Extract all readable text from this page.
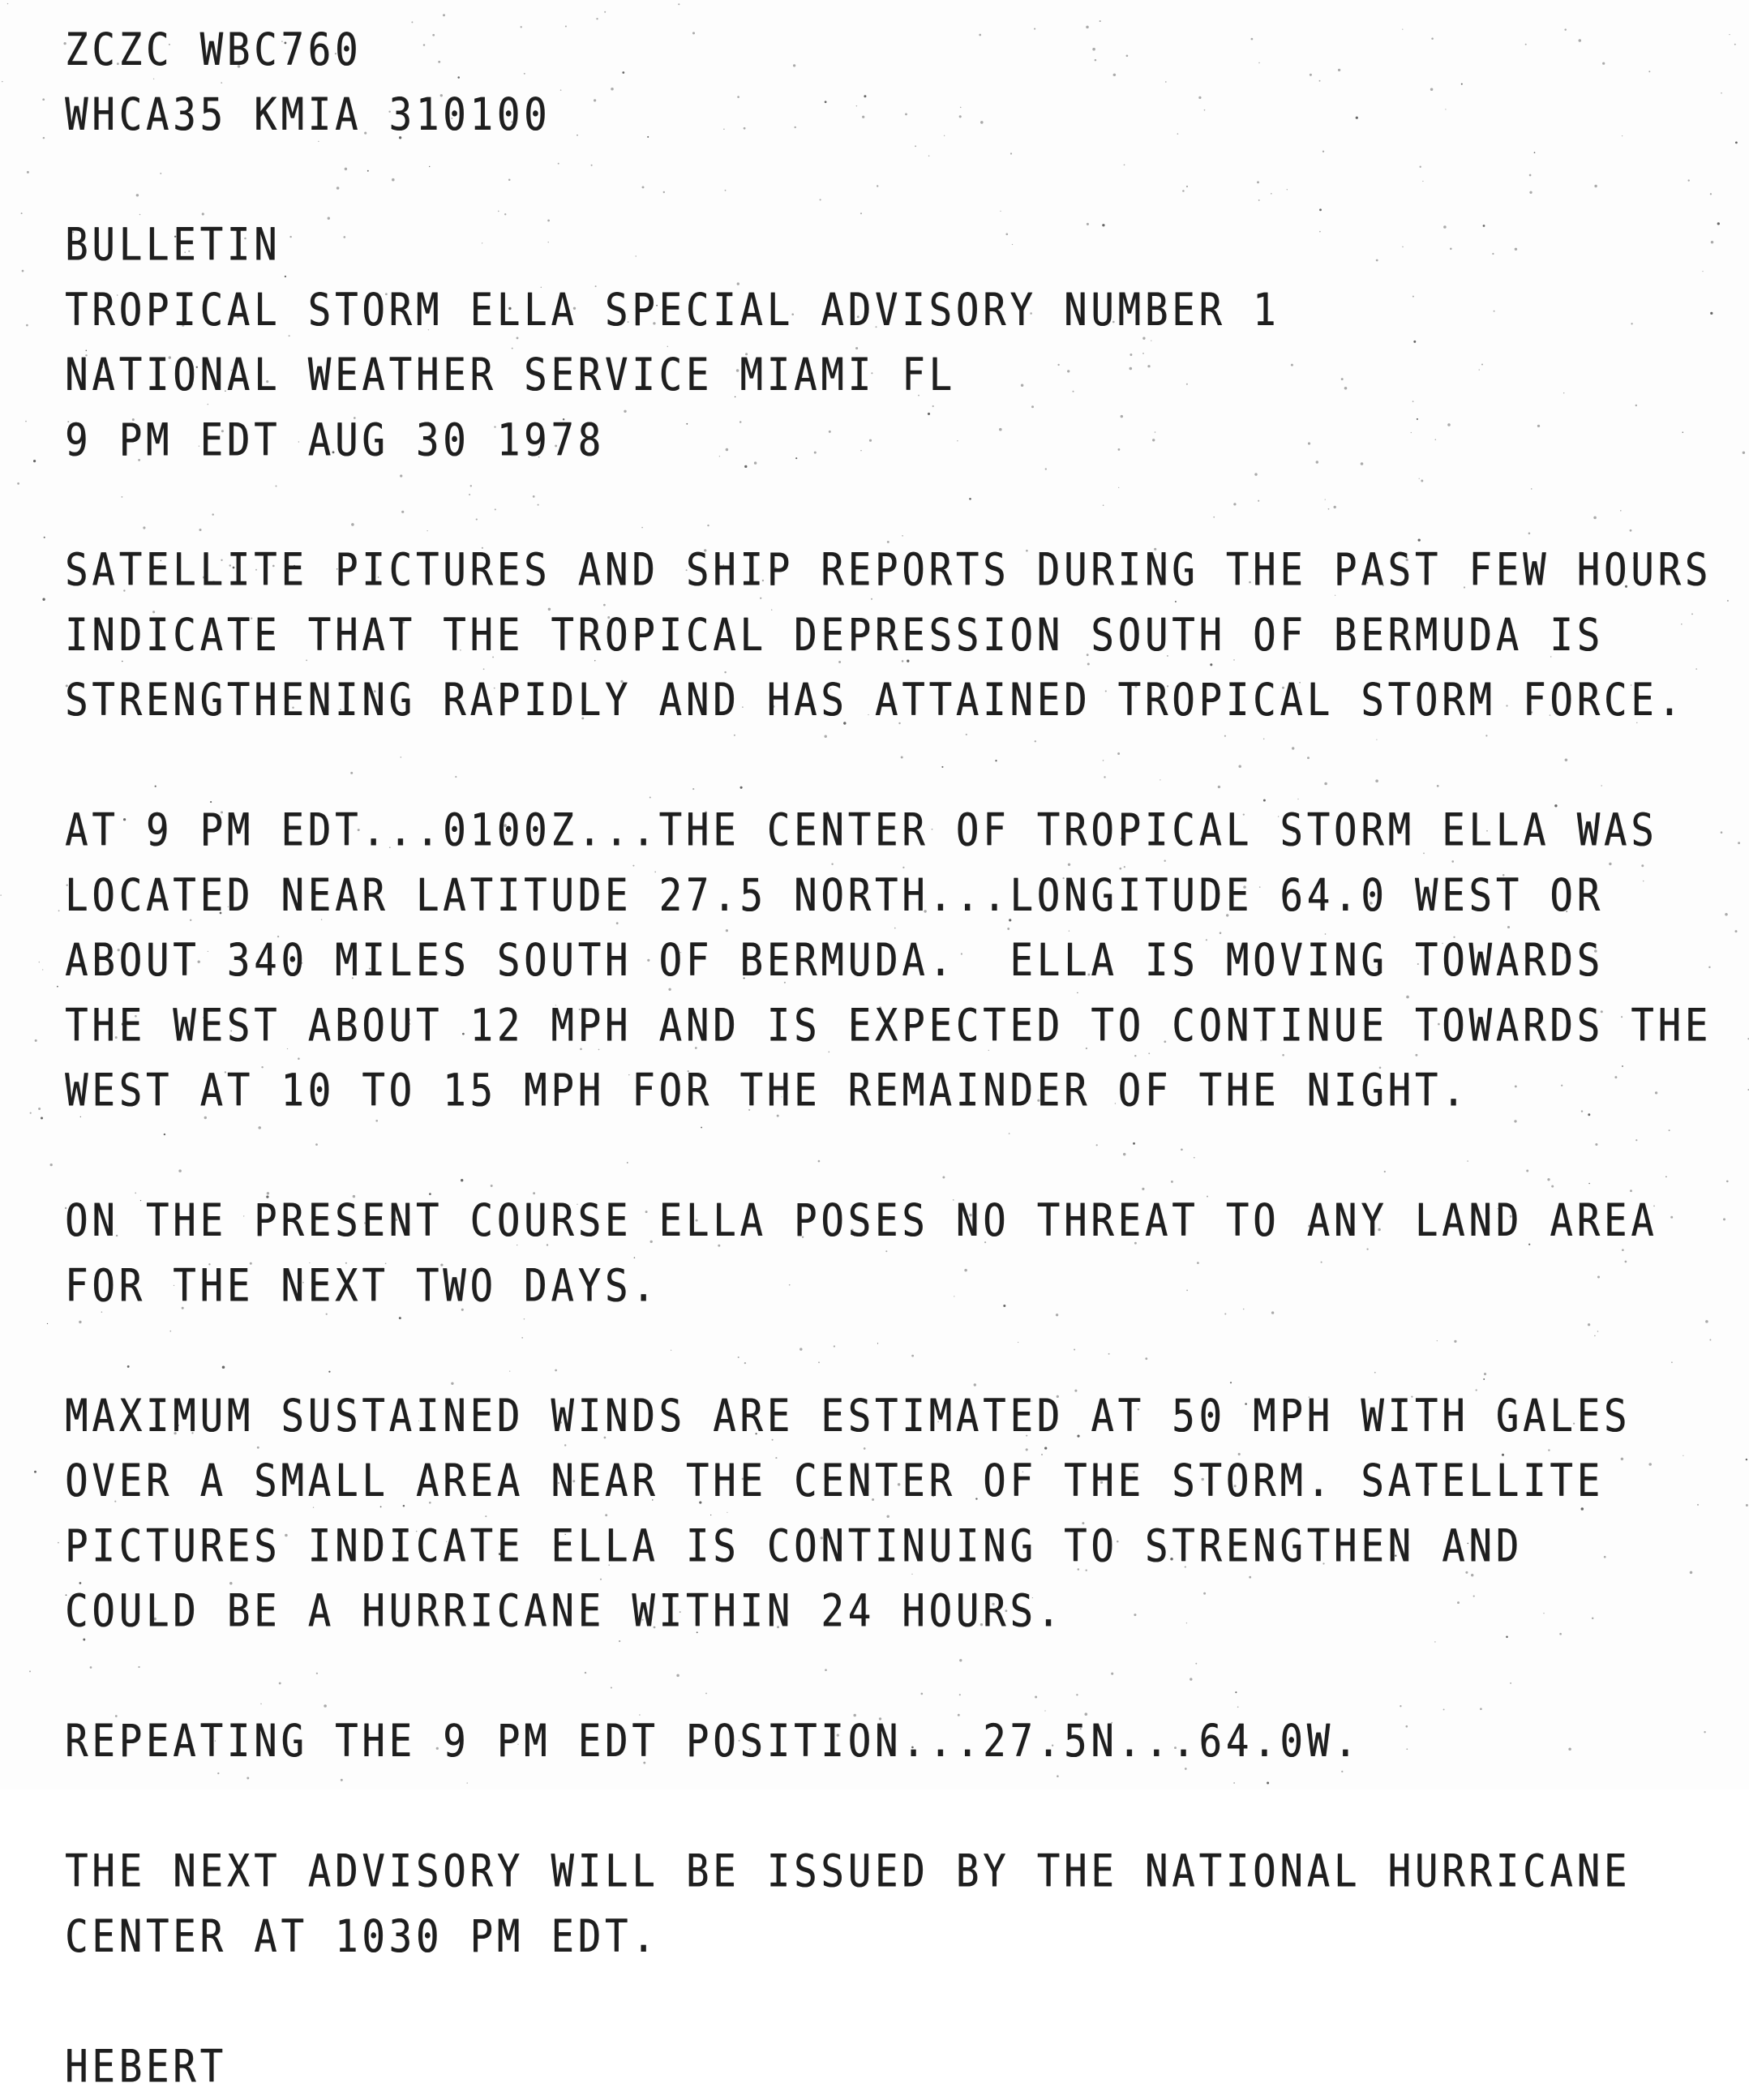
ZCZC WBC760
WHCA35 KMIA 310100
BULLETIN
TROPICAL STORM ELLA SPECIAL ADVISORY NUMBER 1
NATIONAL WEATHER SERVICE MIAMI FL
9 PM EDT AUG 30 1978
SATELLITE PICTURES AND SHIP REPORTS DURING THE PAST FEW HOURS
INDICATE THAT THE TROPICAL DEPRESSION SOUTH OF BERMUDA IS
STRENGTHENING RAPIDLY AND HAS ATTAINED TROPICAL STORM FORCE.
AT 9 PM EDT...0100Z...THE CENTER OF TROPICAL STORM ELLA WAS
LOCATED NEAR LATITUDE 27.5 NORTH...LONGITUDE 64.0 WEST OR
ABOUT 340 MILES SOUTH OF BERMUDA.  ELLA IS MOVING TOWARDS
THE WEST ABOUT 12 MPH AND IS EXPECTED TO CONTINUE TOWARDS THE
WEST AT 10 TO 15 MPH FOR THE REMAINDER OF THE NIGHT.
ON THE PRESENT COURSE ELLA POSES NO THREAT TO ANY LAND AREA
FOR THE NEXT TWO DAYS.
MAXIMUM SUSTAINED WINDS ARE ESTIMATED AT 50 MPH WITH GALES
OVER A SMALL AREA NEAR THE CENTER OF THE STORM. SATELLITE
PICTURES INDICATE ELLA IS CONTINUING TO STRENGTHEN AND
COULD BE A HURRICANE WITHIN 24 HOURS.
REPEATING THE 9 PM EDT POSITION...27.5N...64.0W.
THE NEXT ADVISORY WILL BE ISSUED BY THE NATIONAL HURRICANE
CENTER AT 1030 PM EDT.
HEBERT
